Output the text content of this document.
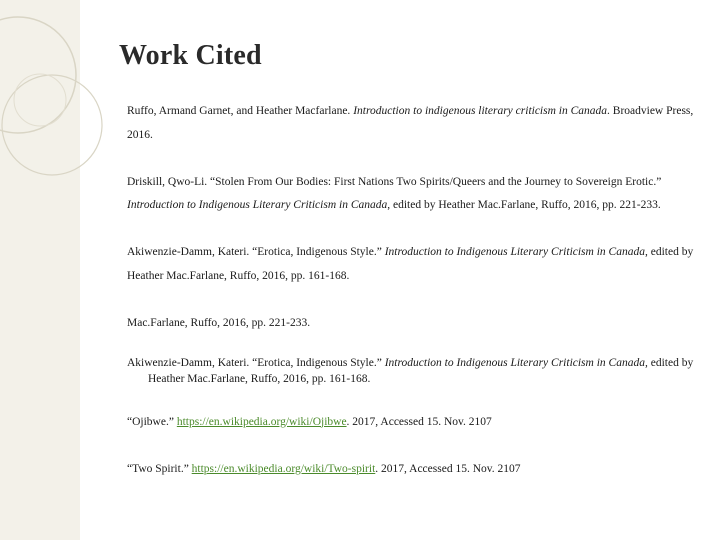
Work Cited
Ruffo, Armand Garnet, and Heather Macfarlane. Introduction to indigenous literary criticism in Canada. Broadview Press, 2016.
Driskill, Qwo-Li. “Stolen From Our Bodies: First Nations Two Spirits/Queers and the Journey to Sovereign Erotic.” Introduction to Indigenous Literary Criticism in Canada, edited by Heather Mac.Farlane, Ruffo, 2016, pp. 221-233.
Akiwenzie-Damm, Kateri. “Erotica, Indigenous Style.” Introduction to Indigenous Literary Criticism in Canada, edited by Heather Mac.Farlane, Ruffo, 2016, pp. 161-168.
Mac.Farlane, Ruffo, 2016, pp. 221-233.
Akiwenzie-Damm, Kateri. “Erotica, Indigenous Style.” Introduction to Indigenous Literary Criticism in Canada, edited by Heather Mac.Farlane, Ruffo, 2016, pp. 161-168.
“Ojibwe.” https://en.wikipedia.org/wiki/Ojibwe. 2017, Accessed 15. Nov. 2107
“Two Spirit.” https://en.wikipedia.org/wiki/Two-spirit. 2017, Accessed 15. Nov. 2107
